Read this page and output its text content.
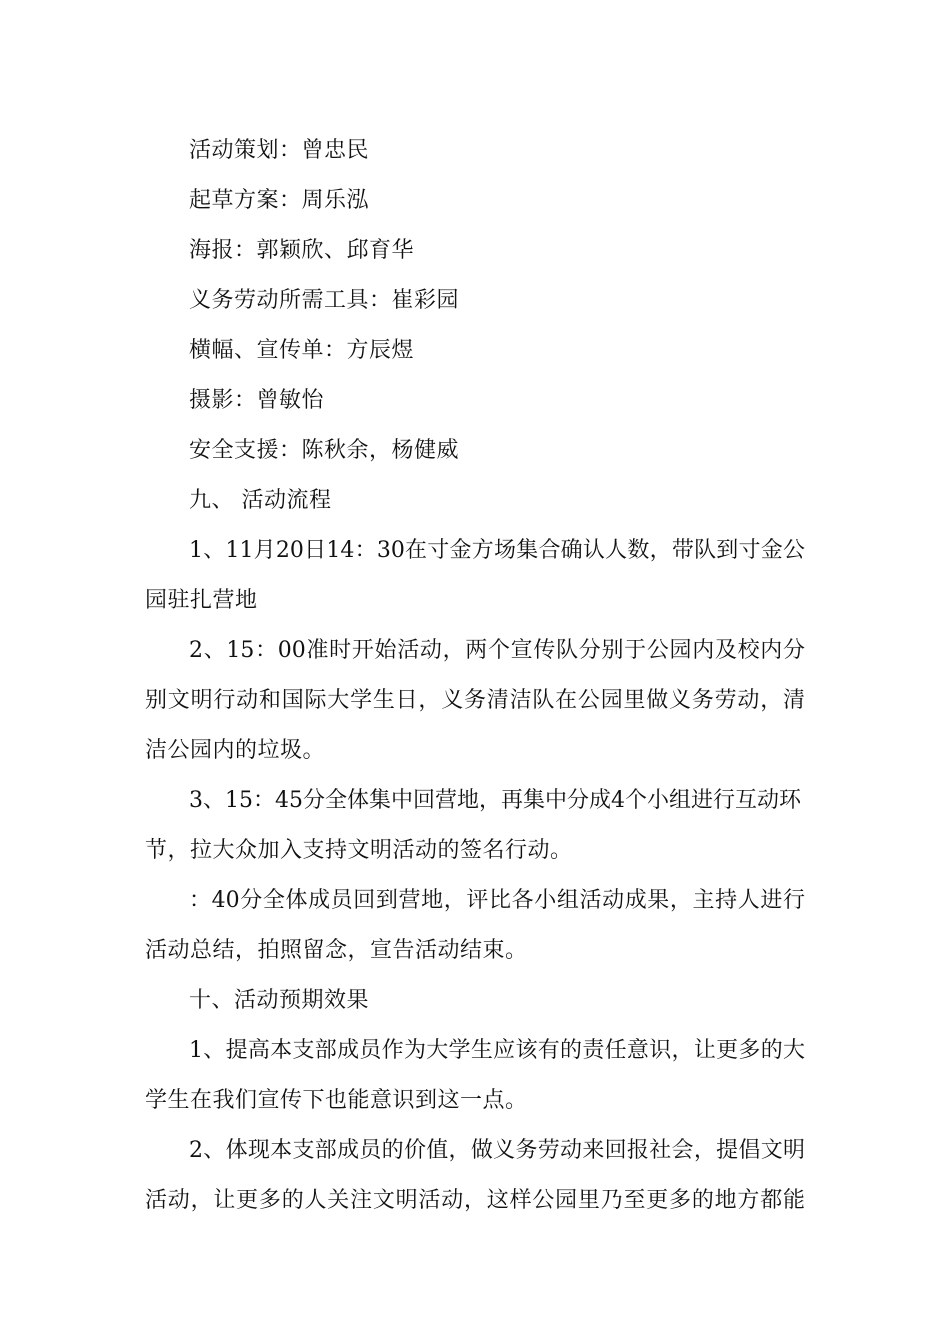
活动策划：曾忠民
起草方案：周乐泓
海报：郭颖欣、邱育华
义务劳动所需工具：崔彩园
横幅、宣传单：方辰煜
摄影：曾敏怡
安全支援：陈秋余，杨健威
九、 活动流程
1、11月20日14：30在寸金方场集合确认人数，带队到寸金公
园驻扎营地
2、15：00准时开始活动，两个宣传队分别于公园内及校内分
别文明行动和国际大学生日，义务清洁队在公园里做义务劳动，清
洁公园内的垃圾。
3、15：45分全体集中回营地，再集中分成4个小组进行互动环
节，拉大众加入支持文明活动的签名行动。
：40分全体成员回到营地，评比各小组活动成果，主持人进行
活动总结，拍照留念，宣告活动结束。
十、活动预期效果
1、提高本支部成员作为大学生应该有的责任意识，让更多的大
学生在我们宣传下也能意识到这一点。
2、体现本支部成员的价值，做义务劳动来回报社会，提倡文明
活动，让更多的人关注文明活动，这样公园里乃至更多的地方都能
